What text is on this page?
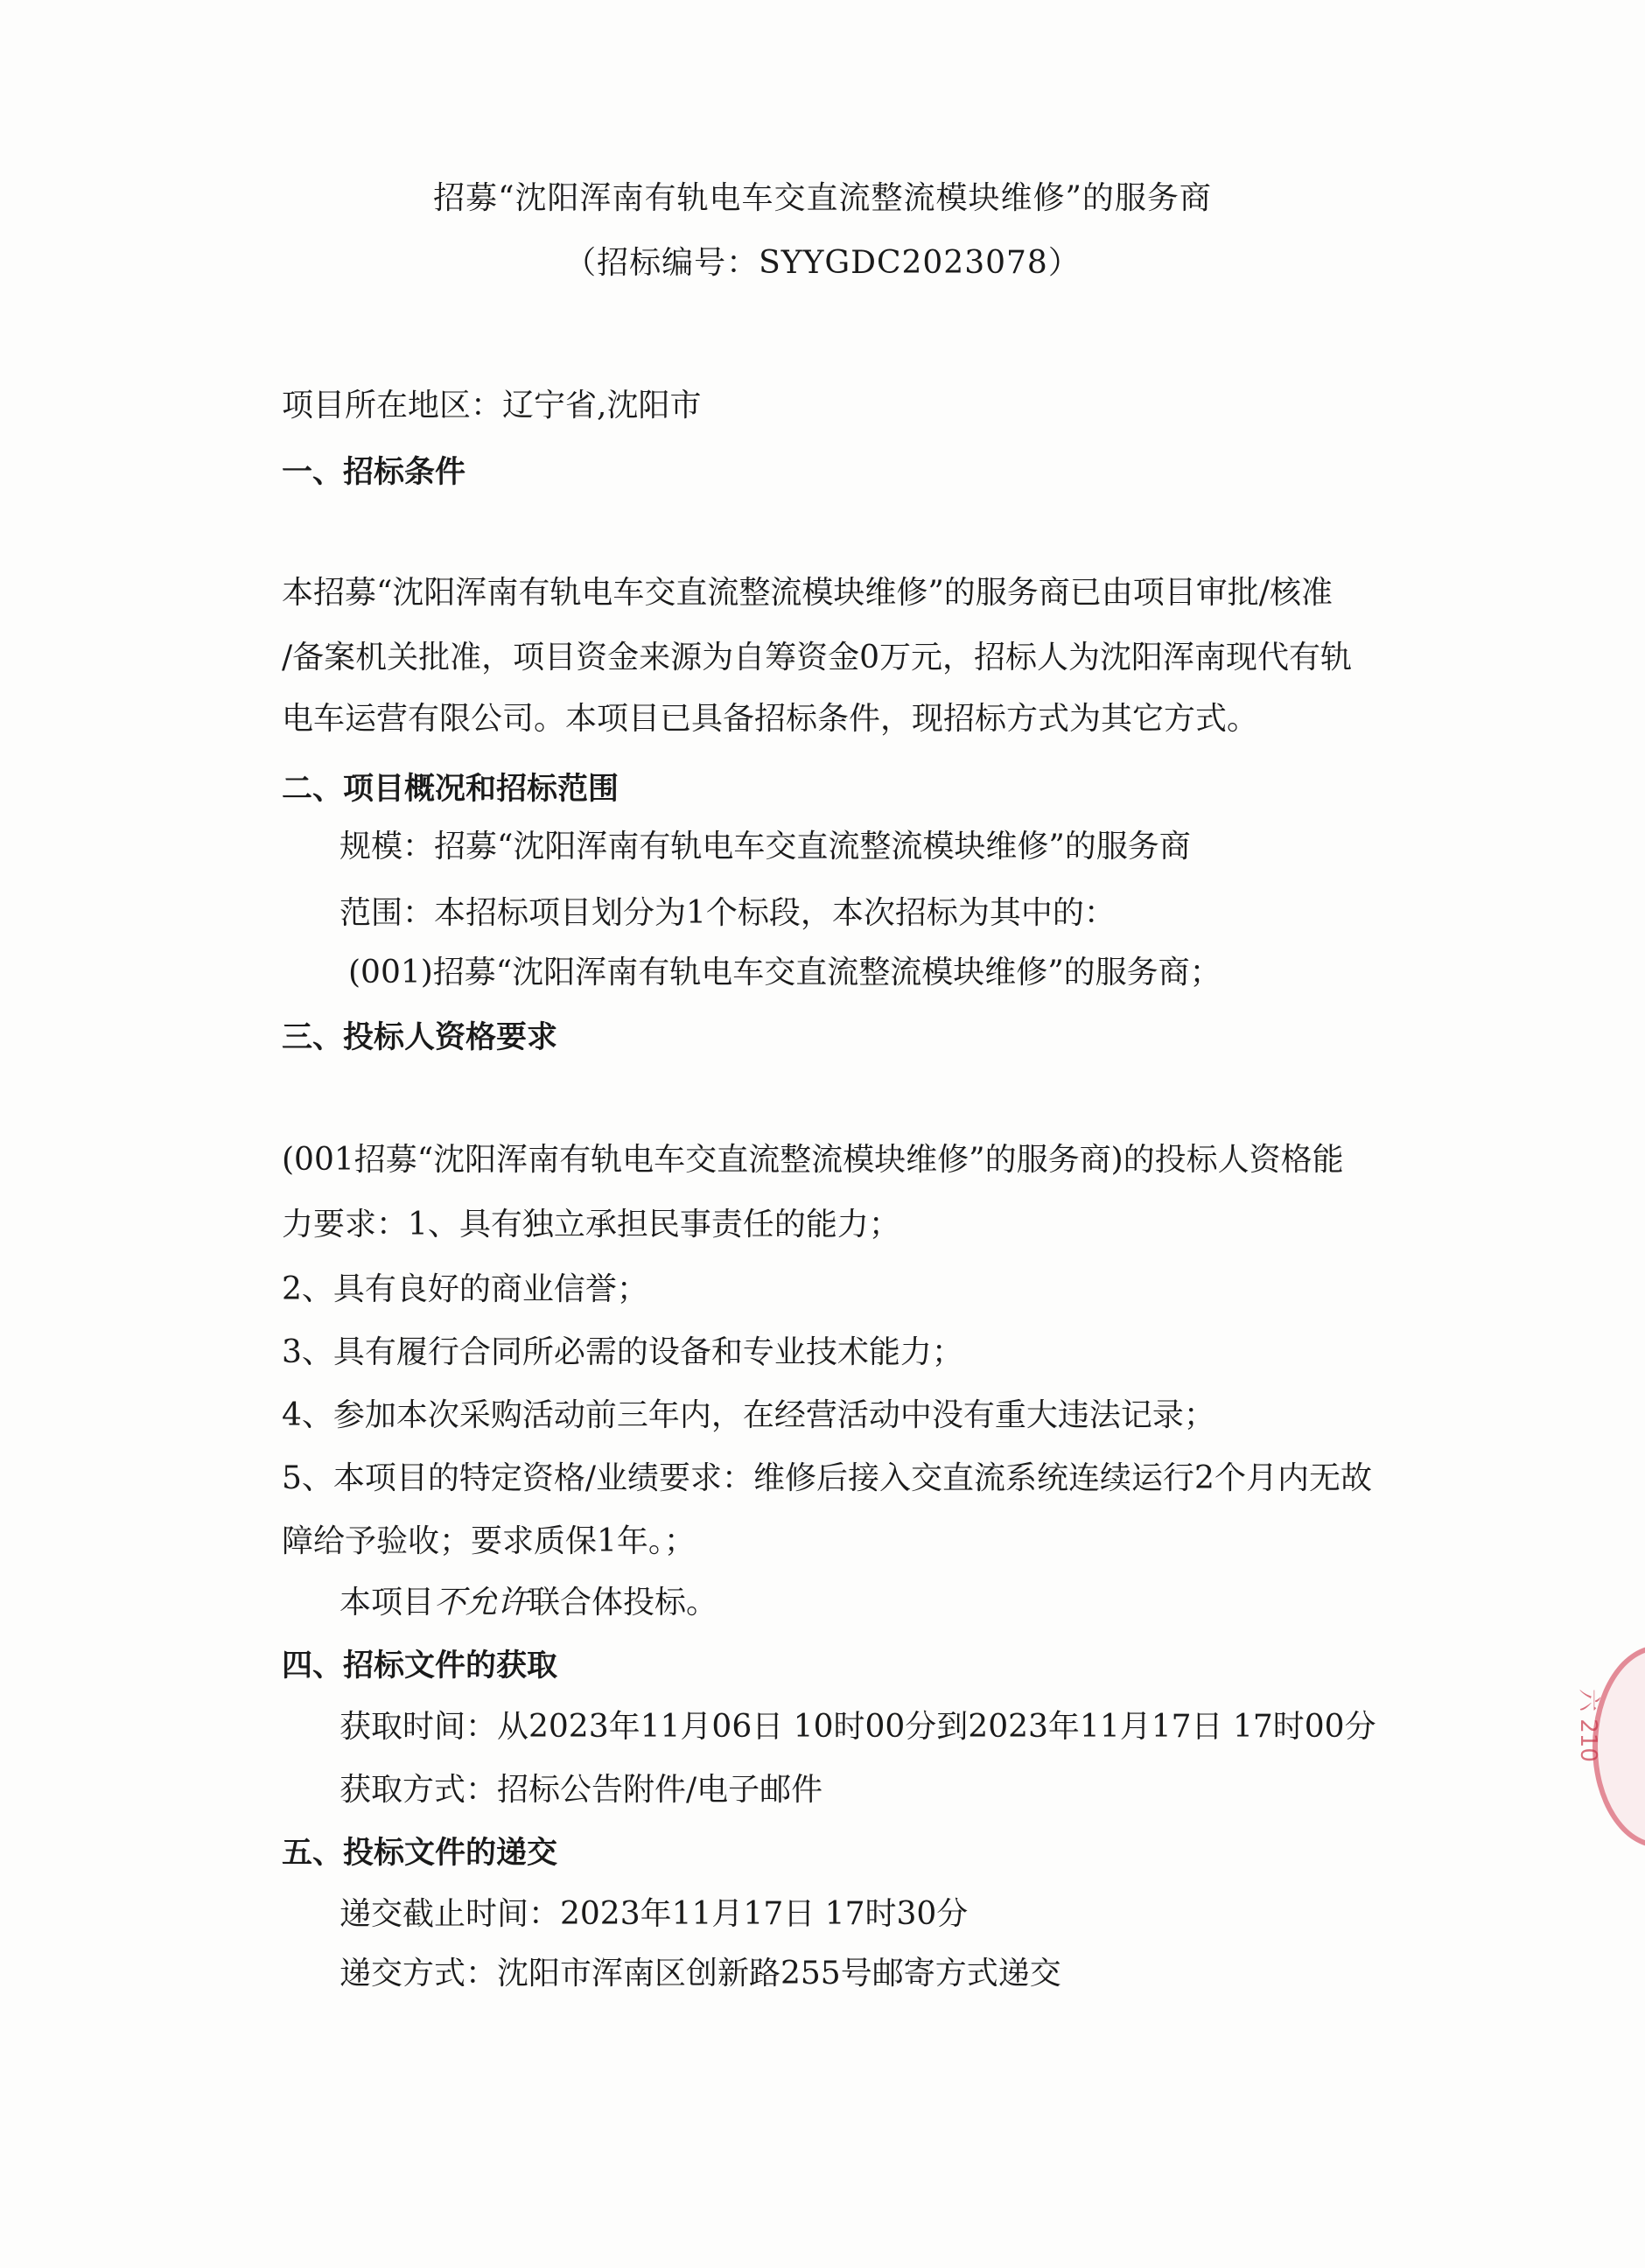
招募“沈阳浑南有轨电车交直流整流模块维修”的服务商
（招标编号：SYYGDC2023078）
项目所在地区：辽宁省,沈阳市
一、招标条件
本招募“沈阳浑南有轨电车交直流整流模块维修”的服务商已由项目审批/核准
/备案机关批准，项目资金来源为自筹资金0万元，招标人为沈阳浑南现代有轨
电车运营有限公司。本项目已具备招标条件，现招标方式为其它方式。
二、项目概况和招标范围
规模：招募“沈阳浑南有轨电车交直流整流模块维修”的服务商
范围：本招标项目划分为1个标段，本次招标为其中的：
(001)招募“沈阳浑南有轨电车交直流整流模块维修”的服务商；
三、投标人资格要求
(001招募“沈阳浑南有轨电车交直流整流模块维修”的服务商)的投标人资格能
力要求：1、具有独立承担民事责任的能力；
2、具有良好的商业信誉；
3、具有履行合同所必需的设备和专业技术能力；
4、参加本次采购活动前三年内，在经营活动中没有重大违法记录；
5、本项目的特定资格/业绩要求：维修后接入交直流系统连续运行2个月内无故
障给予验收；要求质保1年。；
本项目不允许联合体投标。
四、招标文件的获取
获取时间：从2023年11月06日 10时00分到2023年11月17日 17时00分
获取方式：招标公告附件/电子邮件
五、投标文件的递交
递交截止时间：2023年11月17日 17时30分
递交方式：沈阳市浑南区创新路255号邮寄方式递交
六 210
